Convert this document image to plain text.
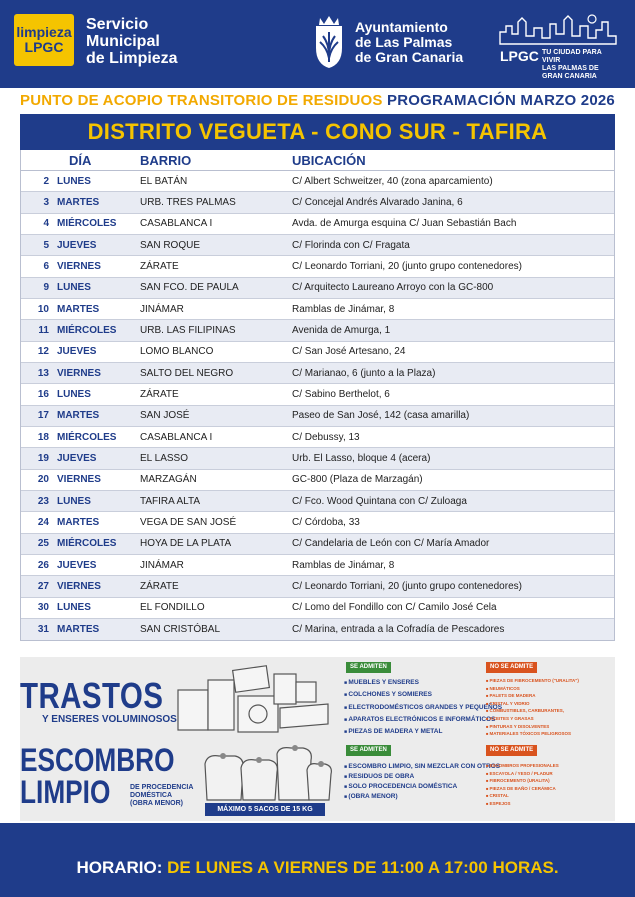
limpieza
LPGC
Servicio
Municipal
de Limpieza
Ayuntamiento
de Las Palmas
de Gran Canaria	LPGC TU CIUDAD PARA VIVIR
LAS PALMAS DE GRAN CANARIA
PUNTO DE ACOPIO TRANSITORIO DE RESIDUOS PROGRAMACIÓN MARZO 2026
DISTRITO VEGUETA - CONO SUR - TAFIRA
DÍA	BARRIO	UBICACIÓN
2 LUNES	EL BATÁN	C/ Albert Schweitzer, 40 (zona aparcamiento)
3 MARTES	URB. TRES PALMAS	C/ Concejal Andrés Alvarado Janina, 6
4 MIÉRCOLES	CASABLANCA I	Avda. de Amurga esquina C/ Juan Sebastián Bach
5 JUEVES	SAN ROQUE	C/ Florinda con C/ Fragata
6 VIERNES	ZÁRATE	C/ Leonardo Torriani, 20 (junto grupo contenedores)
9 LUNES	SAN FCO. DE PAULA	C/ Arquitecto Laureano Arroyo con la GC-800
10 MARTES	JINÁMAR	Ramblas de Jinámar, 8
11 MIÉRCOLES	URB. LAS FILIPINAS	Avenida de Amurga, 1
12 JUEVES	LOMO BLANCO	C/ San José Artesano, 24
13 VIERNES	SALTO DEL NEGRO	C/ Marianao, 6 (junto a la Plaza)
16 LUNES	ZÁRATE	C/ Sabino Berthelot, 6
17 MARTES	SAN JOSÉ	Paseo de San José, 142 (casa amarilla)
18 MIÉRCOLES	CASABLANCA I	C/ Debussy, 13
19 JUEVES	EL LASSO	Urb. El Lasso, bloque 4 (acera)
20 VIERNES	MARZAGÁN	GC-800 (Plaza de Marzagán)
23 LUNES	TAFIRA ALTA	C/ Fco. Wood Quintana con C/ Zuloaga
24 MARTES	VEGA DE SAN JOSÉ	C/ Córdoba, 33
25 MIÉRCOLES	HOYA DE LA PLATA	C/ Candelaria de León con C/ María Amador
26 JUEVES	JINÁMAR	Ramblas de Jinámar, 8
27 VIERNES	ZÁRATE	C/ Leonardo Torriani, 20 (junto grupo contenedores)
30 LUNES	EL FONDILLO	C/ Lomo del Fondillo con C/ Camilo José Cela
31 MARTES	SAN CRISTÓBAL	C/ Marina, entrada a la Cofradía de Pescadores
TRASTOS
Y ENSERES VOLUMINOSOS
SE ADMITEN
■ MUEBLES Y ENSERES
■ COLCHONES Y SOMIERES
■ ELECTRODOMÉSTICOS GRANDES Y PEQUEÑOS
■ APARATOS ELECTRÓNICOS E INFORMÁTICOS
■ PIEZAS DE MADERA Y METAL
NO SE ADMITE
■ PIEZAS DE FIBROCEMENTO ("URALITA")
■ NEUMÁTICOS
■ PALETS DE MADERA
■ CRISTAL Y VIDRIO
■ COMBUSTIBLES, CARBURANTES,
■ ACEITES Y GRASAS
■ PINTURAS Y DISOLVENTES
■ MATERIALES TÓXICOS PELIGROSOS
ESCOMBRO
LIMPIO	DE PROCEDENCIA
DOMÉSTICA
(OBRA MENOR)
MÁXIMO 5 SACOS DE 15 KG
SE ADMITEN
■ ESCOMBRO LIMPIO, SIN MEZCLAR CON OTROS
■ RESIDUOS DE OBRA
■ SOLO PROCEDENCIA DOMÉSTICA
■ (OBRA MENOR)
NO SE ADMITE
■ ESCOMBROS PROFESIONALES
■ ESCAYOLA / YESO / PLADUR
■ FIBROCEMENTO (URALITA)
■ PIEZAS DE BAÑO / CERÁMICA
■ CRISTAL
■ ESPEJOS
HORARIO: DE LUNES A VIERNES DE 11:00 A 17:00 HORAS.
